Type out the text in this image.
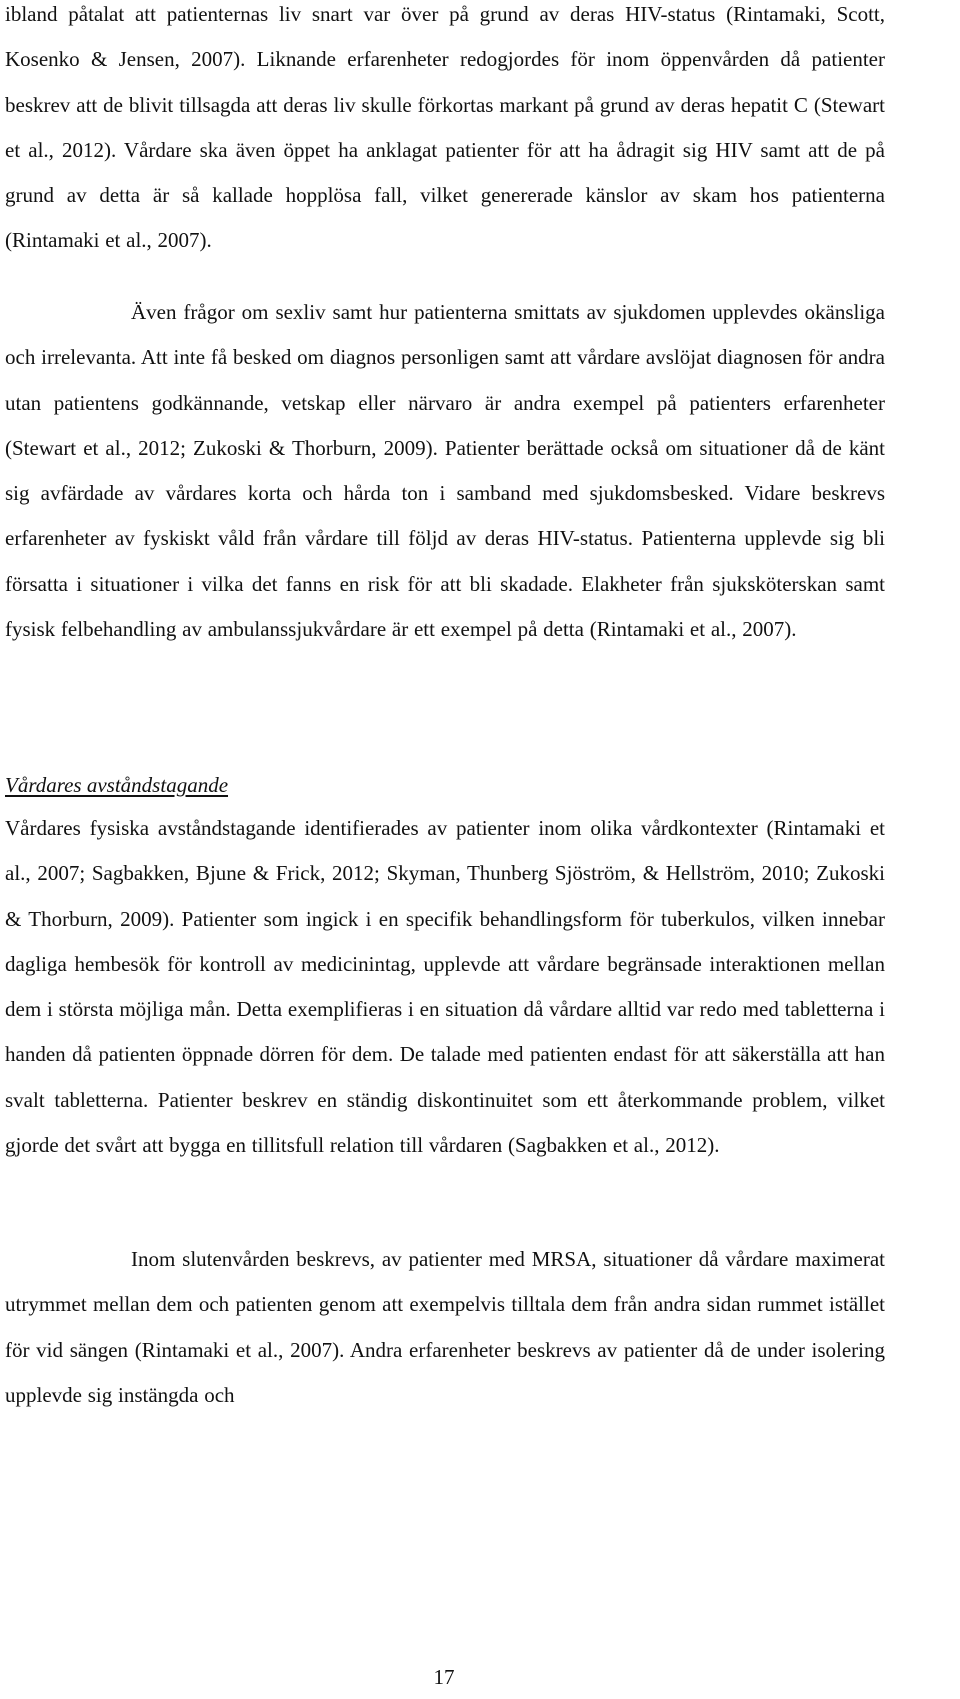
ibland påtalat att patienternas liv snart var över på grund av deras HIV-status (Rintamaki, Scott, Kosenko & Jensen, 2007). Liknande erfarenheter redogjordes för inom öppenvården då patienter beskrev att de blivit tillsagda att deras liv skulle förkortas markant på grund av deras hepatit C (Stewart et al., 2012). Vårdare ska även öppet ha anklagat patienter för att ha ådragit sig HIV samt att de på grund av detta är så kallade hopplösa fall, vilket genererade känslor av skam hos patienterna (Rintamaki et al., 2007).

Även frågor om sexliv samt hur patienterna smittats av sjukdomen upplevdes okänsliga och irrelevanta. Att inte få besked om diagnos personligen samt att vårdare avslöjat diagnosen för andra utan patientens godkännande, vetskap eller närvaro är andra exempel på patienters erfarenheter (Stewart et al., 2012; Zukoski & Thorburn, 2009). Patienter berättade också om situationer då de känt sig avfärdade av vårdares korta och hårda ton i samband med sjukdomsbesked. Vidare beskrevs erfarenheter av fyskiskt våld från vårdare till följd av deras HIV-status. Patienterna upplevde sig bli försatta i situationer i vilka det fanns en risk för att bli skadade. Elakheter från sjuksköterskan samt fysisk felbehandling av ambulanssjukvårdare är ett exempel på detta (Rintamaki et al., 2007).

Vårdares avståndstagande

Vårdares fysiska avståndstagande identifierades av patienter inom olika vårdkontexter (Rintamaki et al., 2007; Sagbakken, Bjune & Frick, 2012; Skyman, Thunberg Sjöström, & Hellström, 2010; Zukoski & Thorburn, 2009). Patienter som ingick i en specifik behandlingsform för tuberkulos, vilken innebar dagliga hembesök för kontroll av medicinintag, upplevde att vårdare begränsade interaktionen mellan dem i största möjliga mån. Detta exemplifieras i en situation då vårdare alltid var redo med tabletterna i handen då patienten öppnade dörren för dem. De talade med patienten endast för att säkerställa att han svalt tabletterna. Patienter beskrev en ständig diskontinuitet som ett återkommande problem, vilket gjorde det svårt att bygga en tillitsfull relation till vårdaren (Sagbakken et al., 2012).

Inom slutenvården beskrevs, av patienter med MRSA, situationer då vårdare maximerat utrymmet mellan dem och patienten genom att exempelvis tilltala dem från andra sidan rummet istället för vid sängen (Rintamaki et al., 2007). Andra erfarenheter beskrevs av patienter då de under isolering upplevde sig instängda och

17
